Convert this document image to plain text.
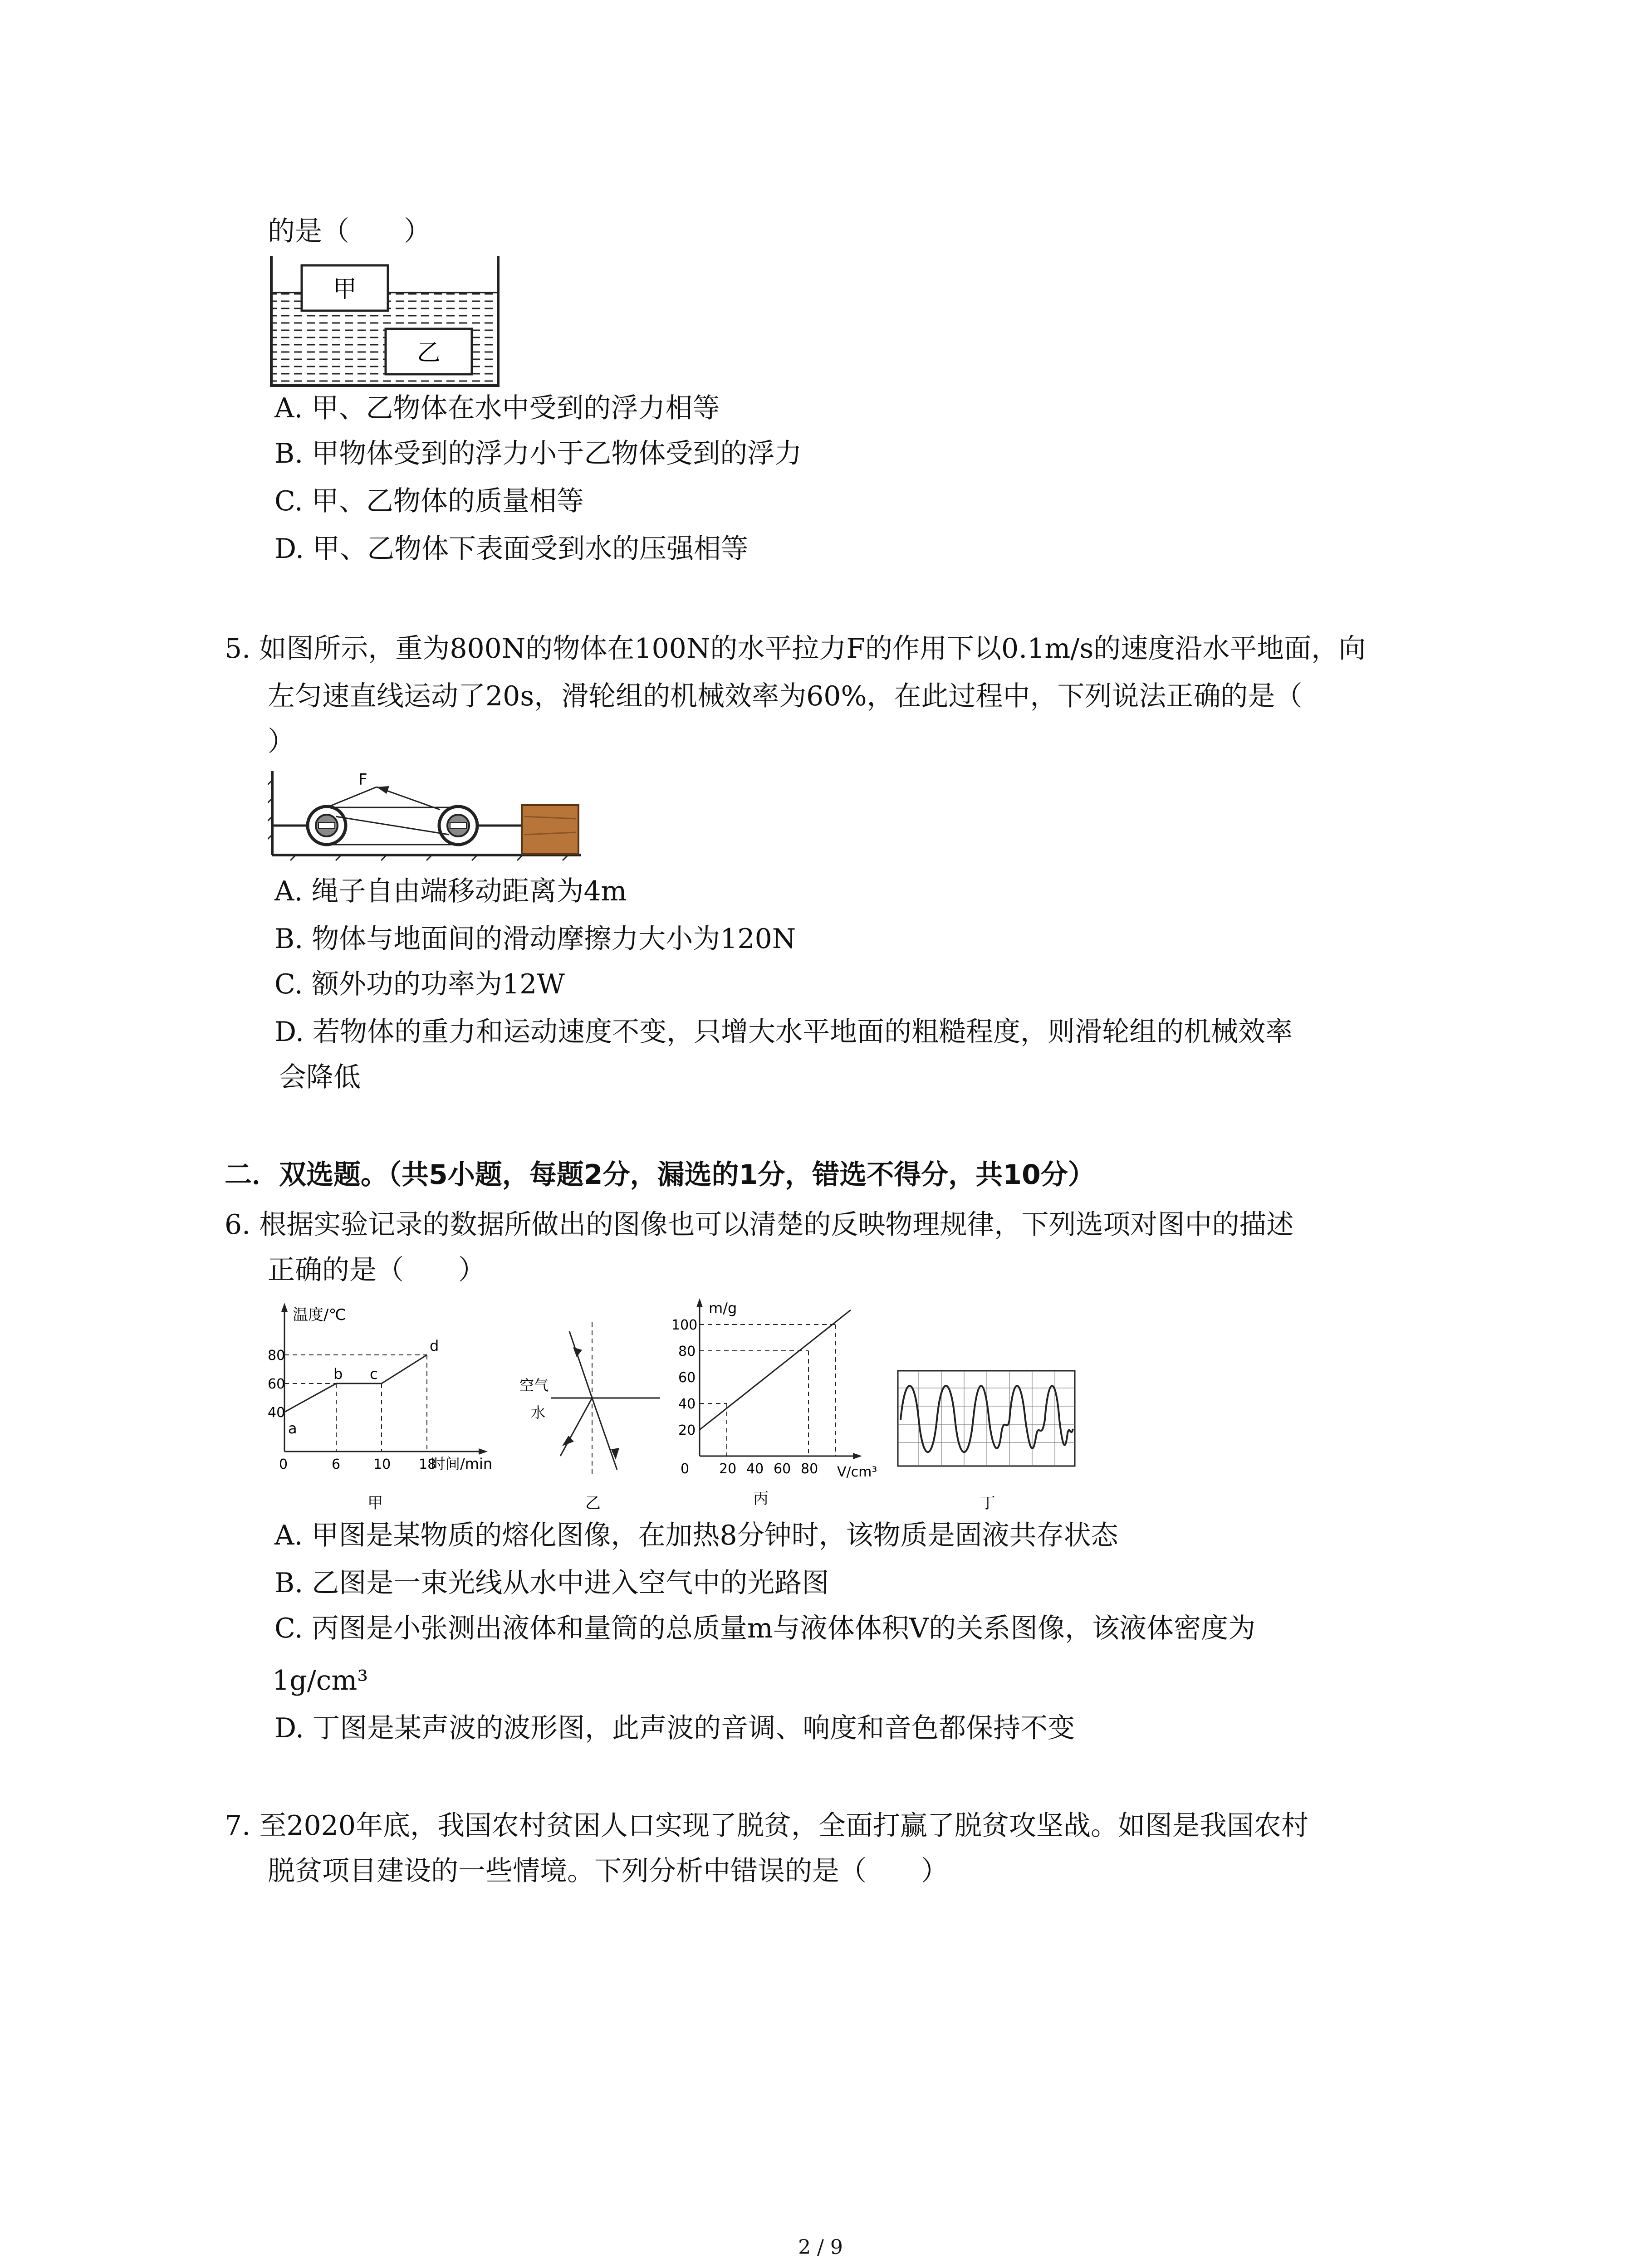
的是（　　）
甲
乙
A. 甲、乙物体在水中受到的浮力相等
B. 甲物体受到的浮力小于乙物体受到的浮力
C. 甲、乙物体的质量相等
D. 甲、乙物体下表面受到水的压强相等
5. 如图所示，重为800N的物体在100N的水平拉力F的作用下以0.1m/s的速度沿水平地面，向
左匀速直线运动了20s，滑轮组的机械效率为60%，在此过程中，下列说法正确的是（
）
F
A. 绳子自由端移动距离为4m
B. 物体与地面间的滑动摩擦力大小为120N
C. 额外功的功率为12W
D. 若物体的重力和运动速度不变，只增大水平地面的粗糙程度，则滑轮组的机械效率
会降低
二．双选题。（共5小题，每题2分，漏选的1分，错选不得分，共10分）
6. 根据实验记录的数据所做出的图像也可以清楚的反映物理规律，下列选项对图中的描述
正确的是（　　）
温度/℃
80
60
40
0	6 10 18
时间/min
a
b c
d
甲
空气
水
乙
m/g
100
80
60
40
20
0 20 40 60 80 V/cm³
丙	丁
A. 甲图是某物质的熔化图像，在加热8分钟时，该物质是固液共存状态
B. 乙图是一束光线从水中进入空气中的光路图
C. 丙图是小张测出液体和量筒的总质量m与液体体积V的关系图像，该液体密度为
1g/cm³
D. 丁图是某声波的波形图，此声波的音调、响度和音色都保持不变
7. 至2020年底，我国农村贫困人口实现了脱贫，全面打赢了脱贫攻坚战。如图是我国农村
脱贫项目建设的一些情境。下列分析中错误的是（　　）
2 / 9
